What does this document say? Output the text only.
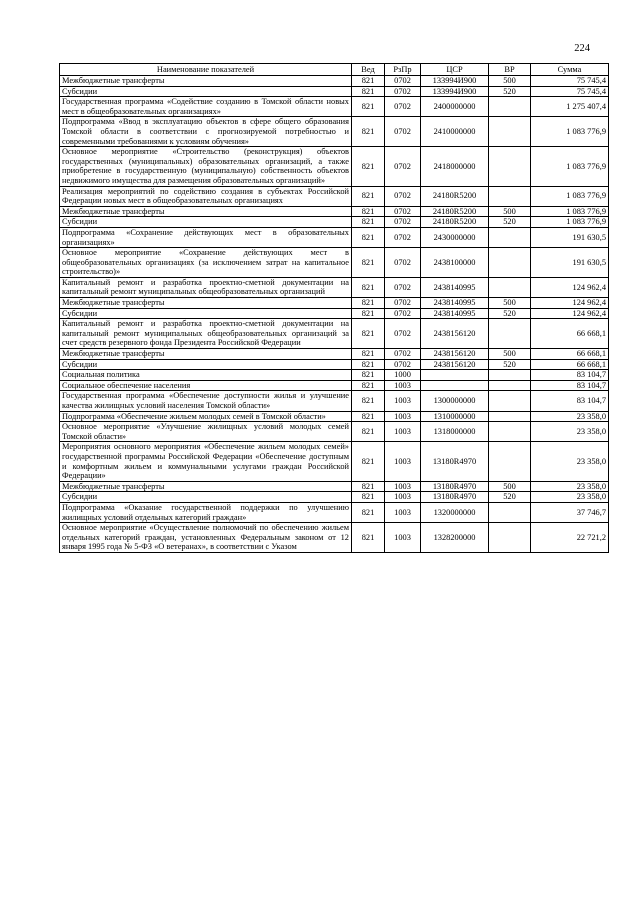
224
Наименование показателей	Вед	РзПр	ЦСР	ВР	Сумма
Межбюджетные трансферты	821	0702	133994И900	500	75 745,4
Субсидии	821	0702	133994И900	520	75 745,4
Государственная программа «Содействие созданию в Томской области новых мест в общеобразовательных организациях»	821	0702	2400000000		1 275 407,4
Подпрограмма «Ввод в эксплуатацию объектов в сфере общего образования Томской области в соответствии с прогнозируемой потребностью и современными требованиями к условиям обучения»	821	0702	2410000000		1 083 776,9
Основное мероприятие «Строительство (реконструкция) объектов государственных (муниципальных) образовательных организаций, а также приобретение в государственную (муниципальную) собственность объектов недвижимого имущества для размещения образовательных организаций»	821	0702	2418000000		1 083 776,9
Реализация мероприятий по содействию создания в субъектах Российской Федерации новых мест в общеобразовательных организациях	821	0702	24180R5200		1 083 776,9
Межбюджетные трансферты	821	0702	24180R5200	500	1 083 776,9
Субсидии	821	0702	24180R5200	520	1 083 776,9
Подпрограмма «Сохранение действующих мест в образовательных организациях»	821	0702	2430000000		191 630,5
Основное мероприятие «Сохранение действующих мест в общеобразовательных организациях (за исключением затрат на капитальное строительство)»	821	0702	2438100000		191 630,5
Капитальный ремонт и разработка проектно-сметной документации на капитальный ремонт муниципальных общеобразовательных организаций	821	0702	2438140995		124 962,4
Межбюджетные трансферты	821	0702	2438140995	500	124 962,4
Субсидии	821	0702	2438140995	520	124 962,4
Капитальный ремонт и разработка проектно-сметной документации на капитальный ремонт муниципальных общеобразовательных организаций за счет средств резервного фонда Президента Российской Федерации	821	0702	2438156120		66 668,1
Межбюджетные трансферты	821	0702	2438156120	500	66 668,1
Субсидии	821	0702	2438156120	520	66 668,1
Социальная политика	821	1000			83 104,7
Социальное обеспечение населения	821	1003			83 104,7
Государственная программа «Обеспечение доступности жилья и улучшение качества жилищных условий населения Томской области»	821	1003	1300000000		83 104,7
Подпрограмма «Обеспечение жильем молодых семей в Томской области»	821	1003	1310000000		23 358,0
Основное мероприятие «Улучшение жилищных условий молодых семей Томской области»	821	1003	1318000000		23 358,0
Мероприятия основного мероприятия «Обеспечение жильем молодых семей» государственной программы Российской Федерации «Обеспечение доступным и комфортным жильем и коммунальными услугами граждан Российской Федерации»	821	1003	13180R4970		23 358,0
Межбюджетные трансферты	821	1003	13180R4970	500	23 358,0
Субсидии	821	1003	13180R4970	520	23 358,0
Подпрограмма «Оказание государственной поддержки по улучшению жилищных условий отдельных категорий граждан»	821	1003	1320000000		37 746,7
Основное мероприятие «Осуществление полномочий по обеспечению жильем отдельных категорий граждан, установленных Федеральным законом от 12 января 1995 года № 5-ФЗ «О ветеранах», в соответствии с Указом	821	1003	1328200000		22 721,2
